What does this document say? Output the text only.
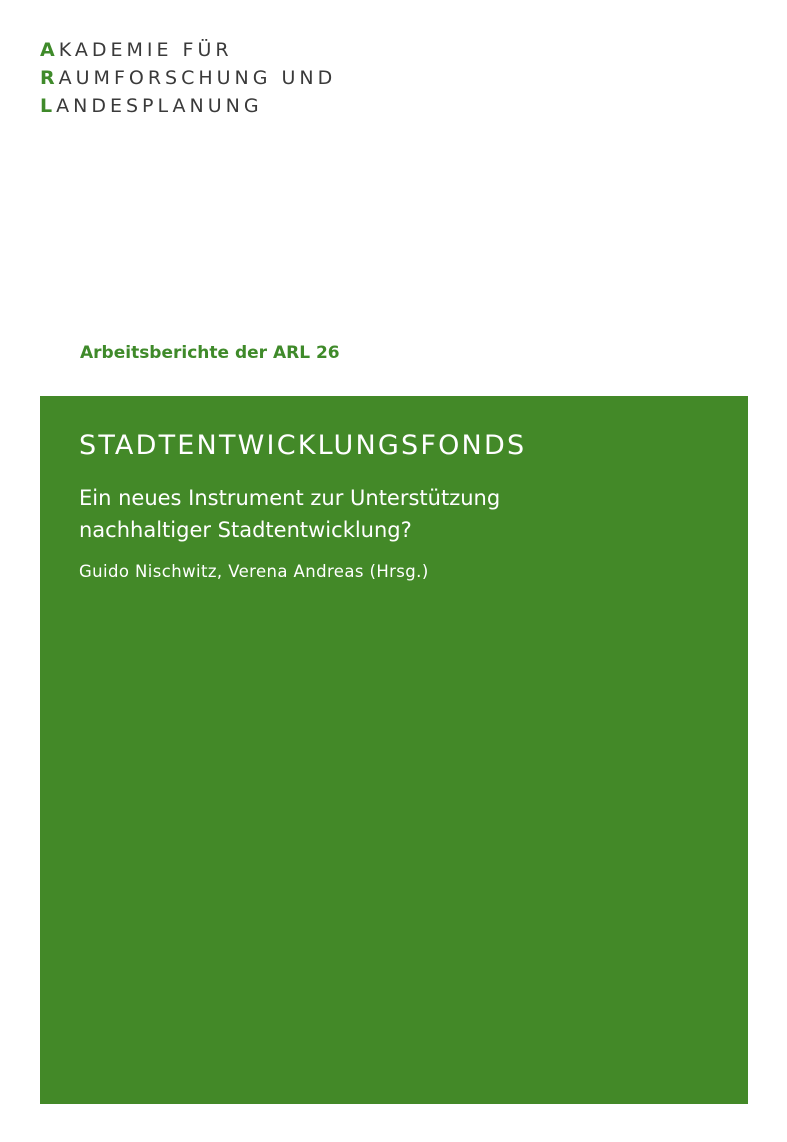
AKADEMIE FÜR
RAUMFORSCHUNG UND
LANDESPLANUNG
Arbeitsberichte der ARL 26
STADTENTWICKLUNGSFONDS
Ein neues Instrument zur Unterstützung
nachhaltiger Stadtentwicklung?
Guido Nischwitz, Verena Andreas (Hrsg.)
